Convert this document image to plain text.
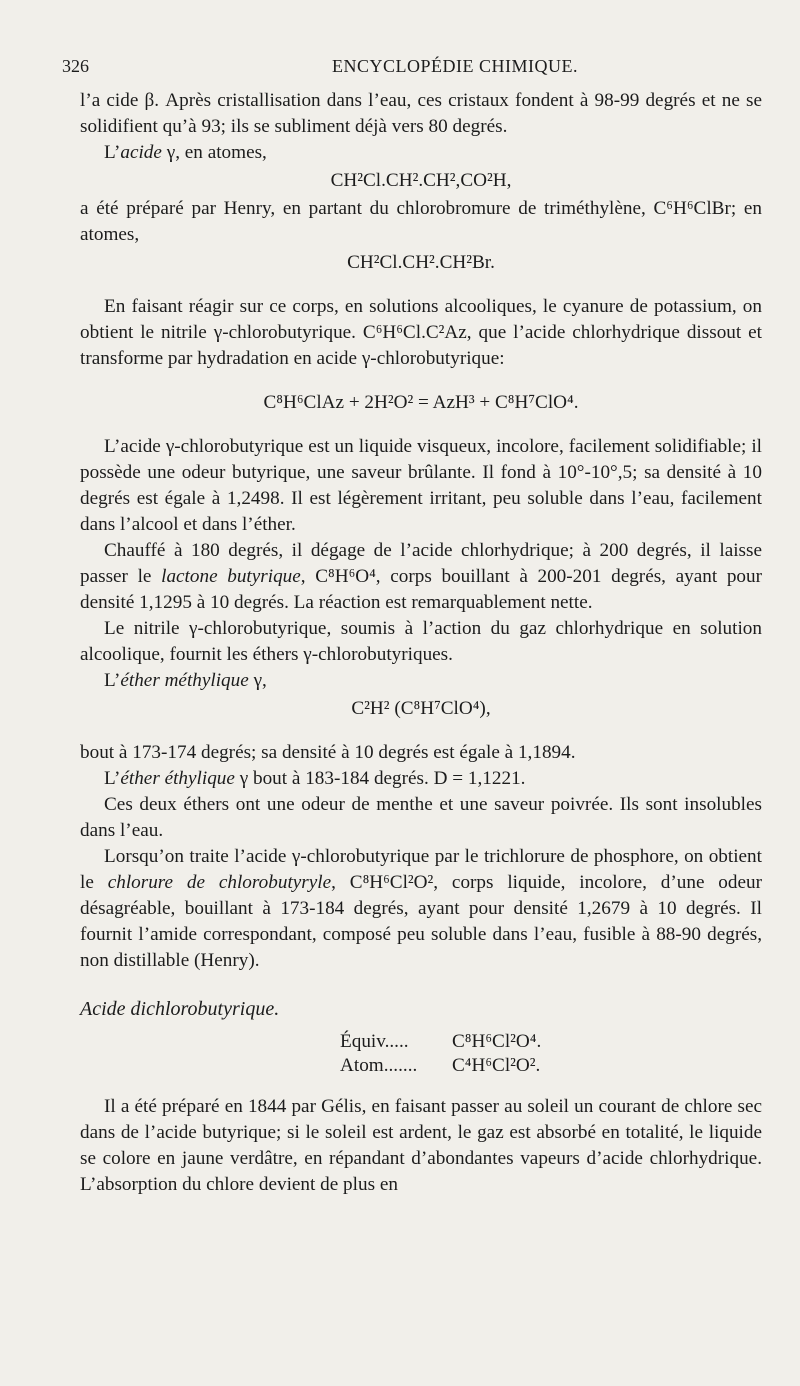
326	ENCYCLOPÉDIE CHIMIQUE.

l’a cide β. Après cristallisation dans l’eau, ces cristaux fondent à 98-99 degrés et ne se solidifient qu’à 93; ils se subliment déjà vers 80 degrés.

L’acide γ, en atomes,

CH²Cl.CH².CH²,CO²H,

a été préparé par Henry, en partant du chlorobromure de triméthylène, C⁶H⁶ClBr; en atomes,

CH²Cl.CH².CH²Br.

En faisant réagir sur ce corps, en solutions alcooliques, le cyanure de potassium, on obtient le nitrile γ-chlorobutyrique. C⁶H⁶Cl.C²Az, que l’acide chlorhydrique dissout et transforme par hydradation en acide γ-chlorobutyrique:

C⁸H⁶ClAz + 2H²O² = AzH³ + C⁸H⁷ClO⁴.

L’acide γ-chlorobutyrique est un liquide visqueux, incolore, facilement solidifiable; il possède une odeur butyrique, une saveur brûlante. Il fond à 10°-10°,5; sa densité à 10 degrés est égale à 1,2498. Il est légèrement irritant, peu soluble dans l’eau, facilement dans l’alcool et dans l’éther.

Chauffé à 180 degrés, il dégage de l’acide chlorhydrique; à 200 degrés, il laisse passer le lactone butyrique, C⁸H⁶O⁴, corps bouillant à 200-201 degrés, ayant pour densité 1,1295 à 10 degrés. La réaction est remarquablement nette.

Le nitrile γ-chlorobutyrique, soumis à l’action du gaz chlorhydrique en solution alcoolique, fournit les éthers γ-chlorobutyriques.

L’éther méthylique γ,

C²H² (C⁸H⁷ClO⁴),

bout à 173-174 degrés; sa densité à 10 degrés est égale à 1,1894.

L’éther éthylique γ bout à 183-184 degrés. D = 1,1221.

Ces deux éthers ont une odeur de menthe et une saveur poivrée. Ils sont insolubles dans l’eau.

Lorsqu’on traite l’acide γ-chlorobutyrique par le trichlorure de phosphore, on obtient le chlorure de chlorobutyryle, C⁸H⁶Cl²O², corps liquide, incolore, d’une odeur désagréable, bouillant à 173-184 degrés, ayant pour densité 1,2679 à 10 degrés. Il fournit l’amide correspondant, composé peu soluble dans l’eau, fusible à 88-90 degrés, non distillable (Henry).

Acide dichlorobutyrique.

Équiv..... C⁸H⁶Cl²O⁴.
Atom....... C⁴H⁶Cl²O².

Il a été préparé en 1844 par Gélis, en faisant passer au soleil un courant de chlore sec dans de l’acide butyrique; si le soleil est ardent, le gaz est absorbé en totalité, le liquide se colore en jaune verdâtre, en répandant d’abondantes vapeurs d’acide chlorhydrique. L’absorption du chlore devient de plus en
